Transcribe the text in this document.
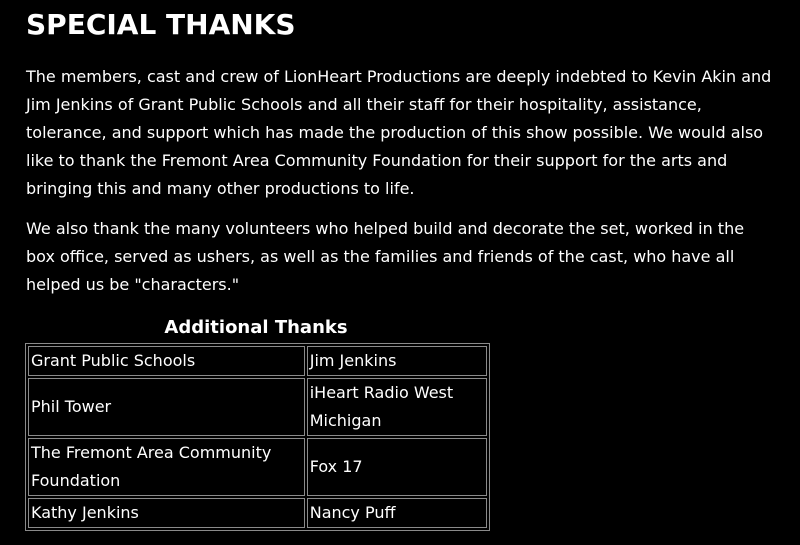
SPECIAL THANKS

The members, cast and crew of LionHeart Productions are deeply indebted to Kevin Akin and Jim Jenkins of Grant Public Schools and all their staff for their hospitality, assistance, tolerance, and support which has made the production of this show possible. We would also like to thank the Fremont Area Community Foundation for their support for the arts and bringing this and many other productions to life.

We also thank the many volunteers who helped build and decorate the set, worked in the box office, served as ushers, as well as the families and friends of the cast, who have all helped us be "characters."

Additional Thanks
Grant Public Schools	Jim Jenkins
Phil Tower	iHeart Radio West Michigan
The Fremont Area Community Foundation	Fox 17
Kathy Jenkins	Nancy Puff
